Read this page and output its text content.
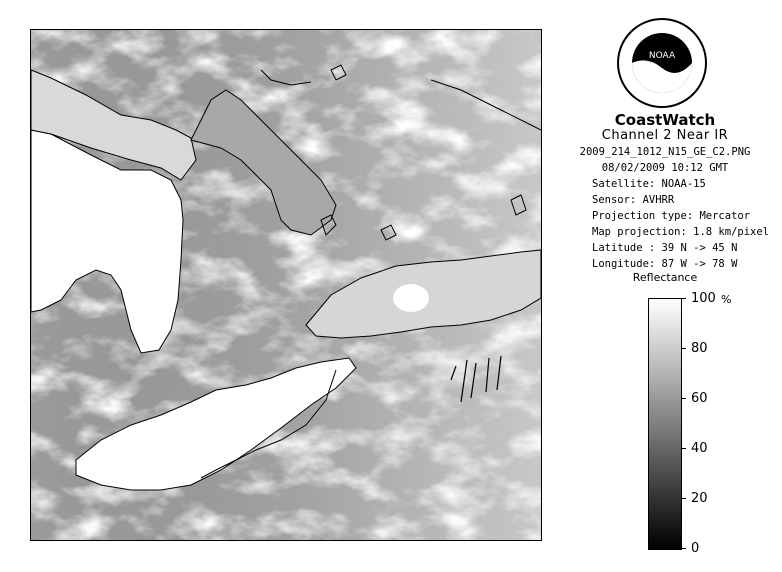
NOAA
CoastWatch
Channel 2 Near IR
2009_214_1012_N15_GE_C2.PNG
08/02/2009 10:12 GMT
Satellite: NOAA-15
Sensor: AVHRR
Projection type: Mercator
Map projection: 1.8 km/pixel
Latitude : 39 N -> 45 N
Longitude: 87 W -> 78 W
Reflectance
%
100
80
60
40
20
0
